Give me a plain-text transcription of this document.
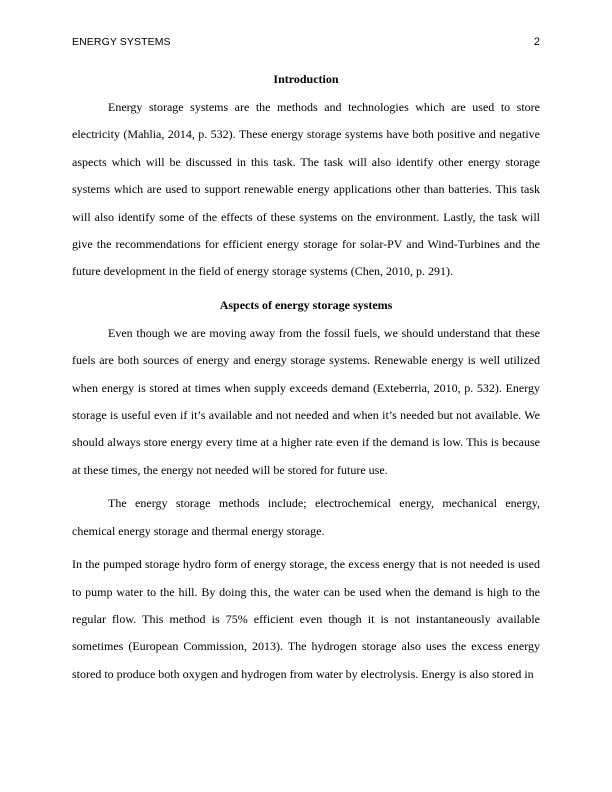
ENERGY SYSTEMS	2
Introduction

Energy storage systems are the methods and technologies which are used to store electricity (Mahlia, 2014, p. 532). These energy storage systems have both positive and negative aspects which will be discussed in this task. The task will also identify other energy storage systems which are used to support renewable energy applications other than batteries. This task will also identify some of the effects of these systems on the environment. Lastly, the task will give the recommendations for efficient energy storage for solar-PV and Wind-Turbines and the future development in the field of energy storage systems (Chen, 2010, p. 291).

Aspects of energy storage systems

Even though we are moving away from the fossil fuels, we should understand that these fuels are both sources of energy and energy storage systems. Renewable energy is well utilized when energy is stored at times when supply exceeds demand (Exteberria, 2010, p. 532). Energy storage is useful even if it’s available and not needed and when it’s needed but not available. We should always store energy every time at a higher rate even if the demand is low. This is because at these times, the energy not needed will be stored for future use.

The energy storage methods include; electrochemical energy, mechanical energy, chemical energy storage and thermal energy storage.

In the pumped storage hydro form of energy storage, the excess energy that is not needed is used to pump water to the hill. By doing this, the water can be used when the demand is high to the regular flow. This method is 75% efficient even though it is not instantaneously available sometimes (European Commission, 2013). The hydrogen storage also uses the excess energy stored to produce both oxygen and hydrogen from water by electrolysis. Energy is also stored in
